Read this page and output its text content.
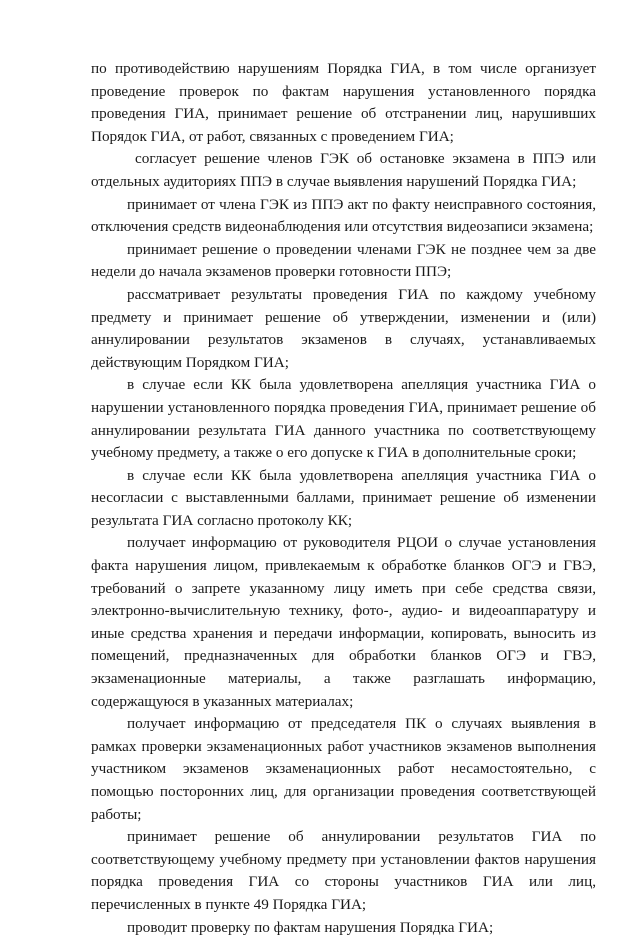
по противодействию нарушениям Порядка ГИА, в том числе организует проведение проверок по фактам нарушения установленного порядка проведения ГИА, принимает решение об отстранении лиц, нарушивших Порядок ГИА, от работ, связанных с проведением ГИА;

согласует решение членов ГЭК об остановке экзамена в ППЭ или отдельных аудиториях ППЭ в случае выявления нарушений Порядка ГИА;

принимает от члена ГЭК из ППЭ акт по факту неисправного состояния, отключения средств видеонаблюдения или отсутствия видеозаписи экзамена;

принимает решение о проведении членами ГЭК не позднее чем за две недели до начала экзаменов проверки готовности ППЭ;

рассматривает результаты проведения ГИА по каждому учебному предмету и принимает решение об утверждении, изменении и (или) аннулировании результатов экзаменов в случаях, устанавливаемых действующим Порядком ГИА;

в случае если КК была удовлетворена апелляция участника ГИА о нарушении установленного порядка проведения ГИА, принимает решение об аннулировании результата ГИА данного участника по соответствующему учебному предмету, а также о его допуске к ГИА в дополнительные сроки;

в случае если КК была удовлетворена апелляция участника ГИА о несогласии с выставленными баллами, принимает решение об изменении результата ГИА согласно протоколу КК;

получает информацию от руководителя РЦОИ о случае установления факта нарушения лицом, привлекаемым к обработке бланков ОГЭ и ГВЭ, требований о запрете указанному лицу иметь при себе средства связи, электронно-вычислительную технику, фото-, аудио- и видеоаппаратуру и иные средства хранения и передачи информации, копировать, выносить из помещений, предназначенных для обработки бланков ОГЭ и ГВЭ, экзаменационные материалы, а также разглашать информацию, содержащуюся в указанных материалах;

получает информацию от председателя ПК о случаях выявления в рамках проверки экзаменационных работ участников экзаменов выполнения участником экзаменов экзаменационных работ несамостоятельно, с помощью посторонних лиц, для организации проведения соответствующей работы;

принимает решение об аннулировании результатов ГИА по соответствующему учебному предмету при установлении фактов нарушения порядка проведения ГИА со стороны участников ГИА или лиц, перечисленных в пункте 49 Порядка ГИА;

проводит проверку по фактам нарушения Порядка ГИА;
